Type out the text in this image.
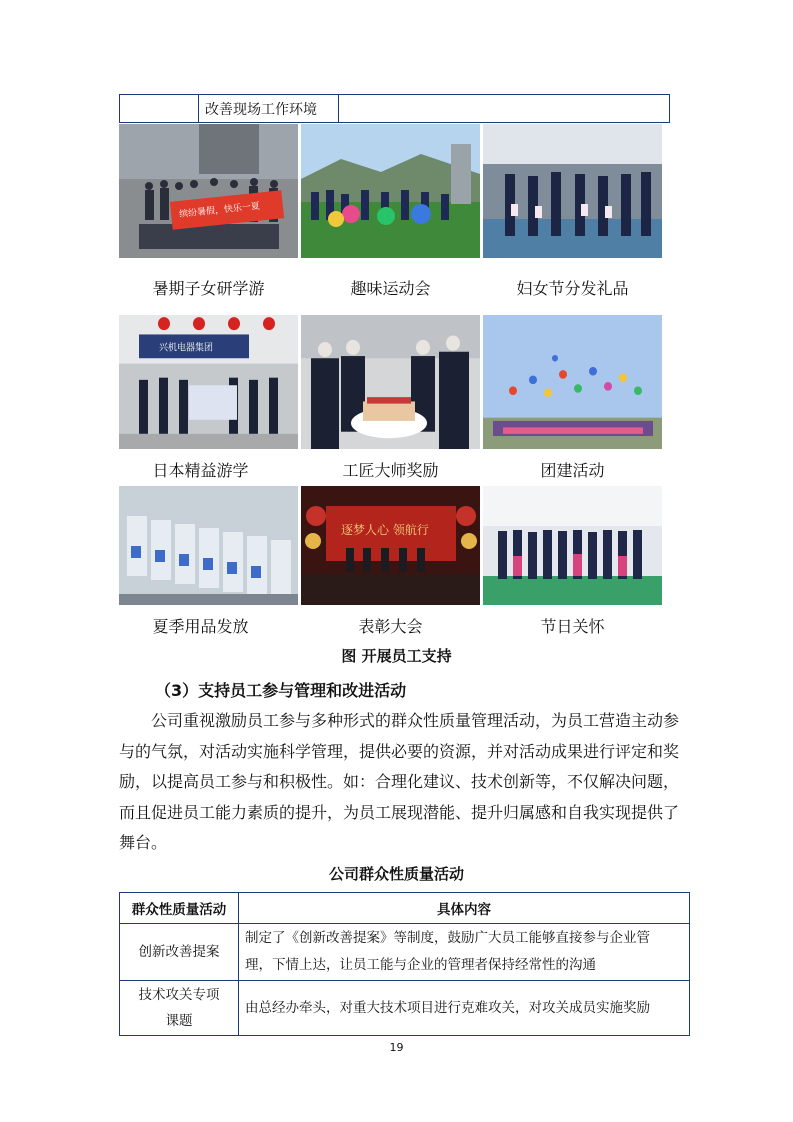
改善现场工作环境
缤纷暑假，快乐一夏
暑期子女研学游	趣味运动会	妇女节分发礼品
兴机电器集团
日本精益游学	工匠大师奖励	团建活动
逐梦人心 领航行
夏季用品发放	表彰大会	节日关怀
图 开展员工支持
（3）支持员工参与管理和改进活动
公司重视激励员工参与多种形式的群众性质量管理活动，为员工营造主动参
与的气氛，对活动实施科学管理，提供必要的资源，并对活动成果进行评定和奖
励，以提高员工参与和积极性。如：合理化建议、技术创新等，不仅解决问题，
而且促进员工能力素质的提升，为员工展现潜能、提升归属感和自我实现提供了
舞台。
公司群众性质量活动
群众性质量活动	具体内容
创新改善提案	制定了《创新改善提案》等制度，鼓励广大员工能够直接参与企业管
理，下情上达，让员工能与企业的管理者保持经常性的沟通

技术攻关专项
课题	由总经办牵头，对重大技术项目进行克难攻关，对攻关成员实施奖励
19
